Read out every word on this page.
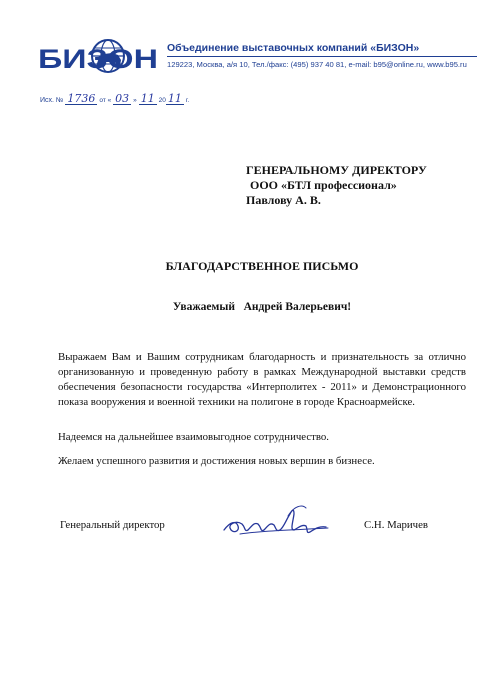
БИЗОН Объединение выставочных компаний «БИЗОН»
129223, Москва, а/я 10, Тел./факс: (495) 937 40 81, e-mail: b95@online.ru, www.b95.ru
Исх. № 1736 от « 03 » 11 20 11 г.
ГЕНЕРАЛЬНОМУ ДИРЕКТОРУ
ООО «БТЛ профессионал»
Павлову А. В.
БЛАГОДАРСТВЕННОЕ ПИСЬМО
Уважаемый Андрей Валерьевич!
Выражаем Вам и Вашим сотрудникам благодарность и признательность за отлично организованную и проведенную работу в рамках Международной выставки средств обеспечения безопасности государства «Интерполитех - 2011» и Демонстрационного показа вооружения и военной техники на полигоне в городе Красноармейске.
Надеемся на дальнейшее взаимовыгодное сотрудничество.
Желаем успешного развития и достижения новых вершин в бизнесе.
Генеральный директор	С.Н. Маричев
